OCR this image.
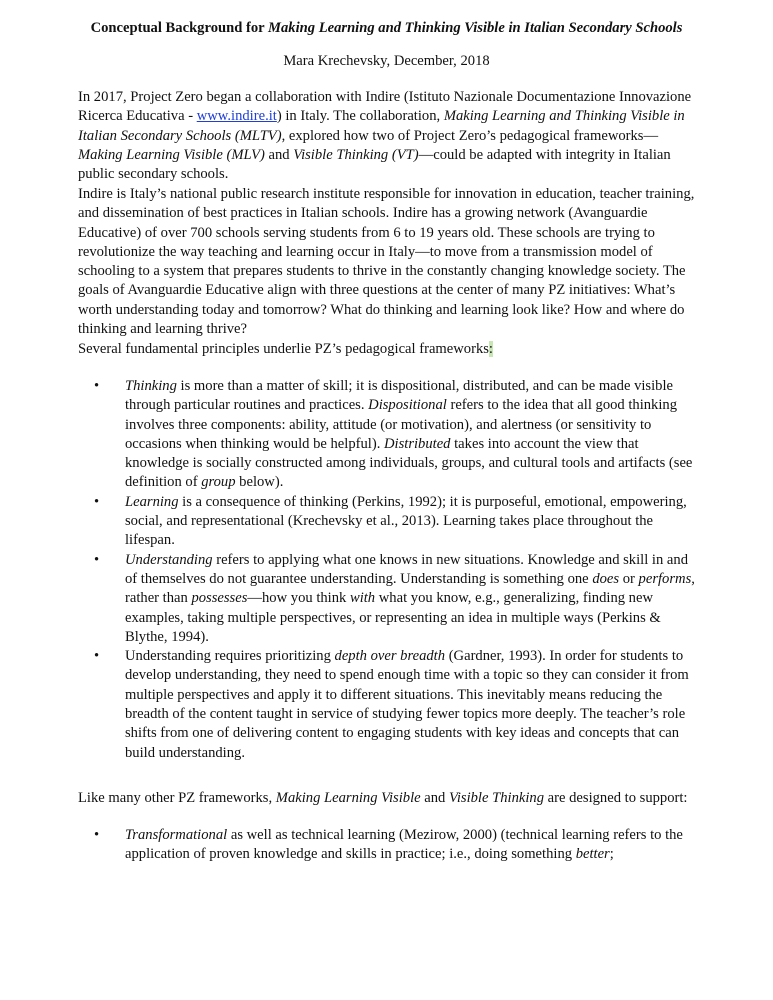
Conceptual Background for Making Learning and Thinking Visible in Italian Secondary Schools
Mara Krechevsky, December, 2018

In 2017, Project Zero began a collaboration with Indire (Istituto Nazionale Documentazione Innovazione Ricerca Educativa - www.indire.it) in Italy. The collaboration, Making Learning and Thinking Visible in Italian Secondary Schools (MLTV), explored how two of Project Zero’s pedagogical frameworks—Making Learning Visible (MLV) and Visible Thinking (VT)—could be adapted with integrity in Italian public secondary schools.

Indire is Italy’s national public research institute responsible for innovation in education, teacher training, and dissemination of best practices in Italian schools. Indire has a growing network (Avanguardie Educative) of over 700 schools serving students from 6 to 19 years old. These schools are trying to revolutionize the way teaching and learning occur in Italy—to move from a transmission model of schooling to a system that prepares students to thrive in the constantly changing knowledge society. The goals of Avanguardie Educative align with three questions at the center of many PZ initiatives: What’s worth understanding today and tomorrow? What do thinking and learning look like? How and where do thinking and learning thrive?

Several fundamental principles underlie PZ’s pedagogical frameworks:

•	Thinking is more than a matter of skill; it is dispositional, distributed, and can be made visible through particular routines and practices. Dispositional refers to the idea that all good thinking involves three components: ability, attitude (or motivation), and alertness (or sensitivity to occasions when thinking would be helpful). Distributed takes into account the view that knowledge is socially constructed among individuals, groups, and cultural tools and artifacts (see definition of group below).
•	Learning is a consequence of thinking (Perkins, 1992); it is purposeful, emotional, empowering, social, and representational (Krechevsky et al., 2013). Learning takes place throughout the lifespan.
•	Understanding refers to applying what one knows in new situations. Knowledge and skill in and of themselves do not guarantee understanding. Understanding is something one does or performs, rather than possesses—how you think with what you know, e.g., generalizing, finding new examples, taking multiple perspectives, or representing an idea in multiple ways (Perkins & Blythe, 1994).
•	Understanding requires prioritizing depth over breadth (Gardner, 1993). In order for students to develop understanding, they need to spend enough time with a topic so they can consider it from multiple perspectives and apply it to different situations. This inevitably means reducing the breadth of the content taught in service of studying fewer topics more deeply. The teacher’s role shifts from one of delivering content to engaging students with key ideas and concepts that can build understanding.

Like many other PZ frameworks, Making Learning Visible and Visible Thinking are designed to support:

•	Transformational as well as technical learning (Mezirow, 2000) (technical learning refers to the application of proven knowledge and skills in practice; i.e., doing something better;
